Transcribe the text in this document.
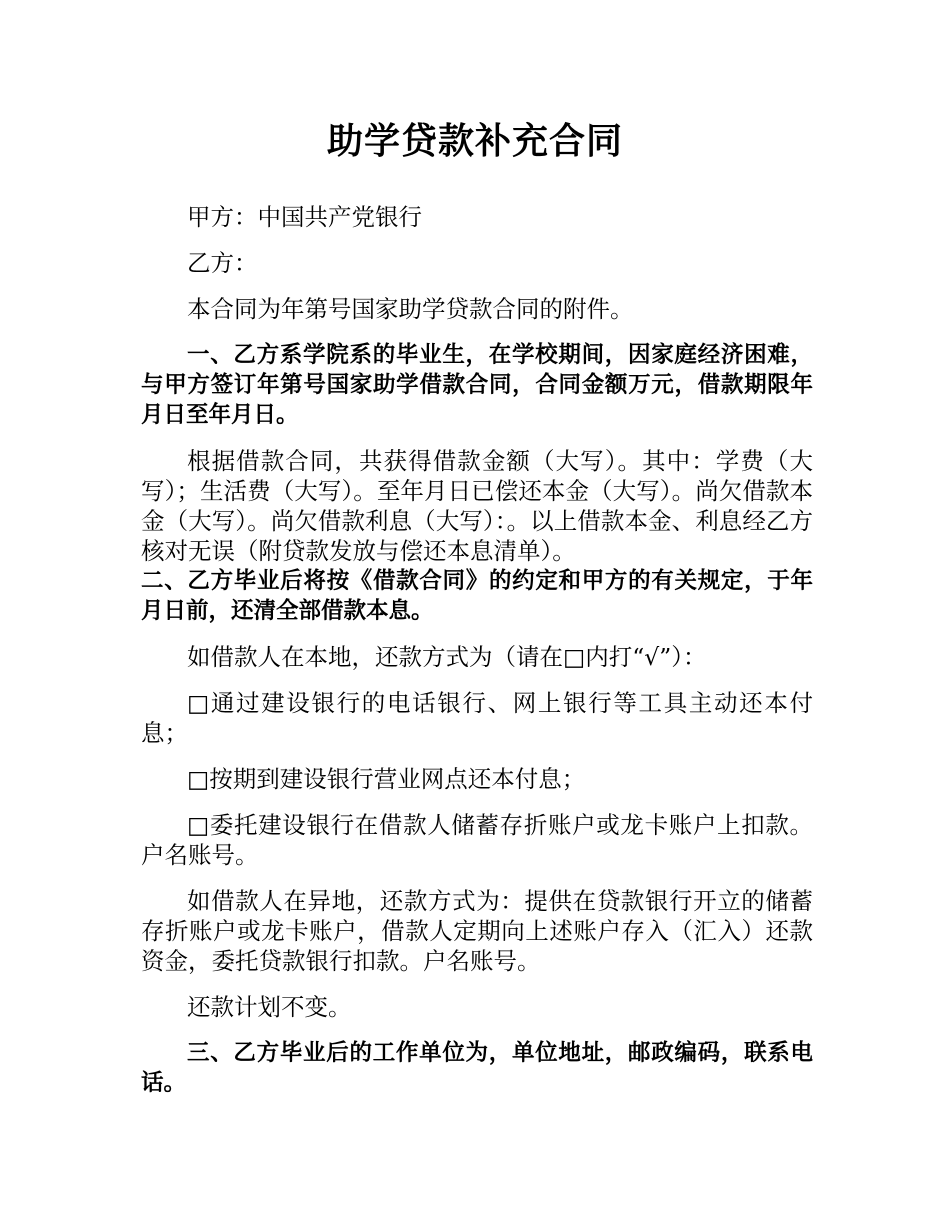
助学贷款补充合同

甲方：中国共产党银行

乙方：

本合同为年第号国家助学贷款合同的附件。

一、乙方系学院系的毕业生，在学校期间，因家庭经济困难，与甲方签订年第号国家助学借款合同，合同金额万元，借款期限年月日至年月日。

根据借款合同，共获得借款金额（大写）。其中：学费（大写）；生活费（大写）。至年月日已偿还本金（大写）。尚欠借款本金（大写）。尚欠借款利息（大写）：。以上借款本金、利息经乙方核对无误（附贷款发放与偿还本息清单）。

二、乙方毕业后将按《借款合同》的约定和甲方的有关规定，于年月日前，还清全部借款本息。

如借款人在本地，还款方式为（请在□内打“√”）：

□通过建设银行的电话银行、网上银行等工具主动还本付息；

□按期到建设银行营业网点还本付息；

□委托建设银行在借款人储蓄存折账户或龙卡账户上扣款。户名账号。

如借款人在异地，还款方式为：提供在贷款银行开立的储蓄存折账户或龙卡账户，借款人定期向上述账户存入（汇入）还款资金，委托贷款银行扣款。户名账号。

还款计划不变。

三、乙方毕业后的工作单位为，单位地址，邮政编码，联系电话。
